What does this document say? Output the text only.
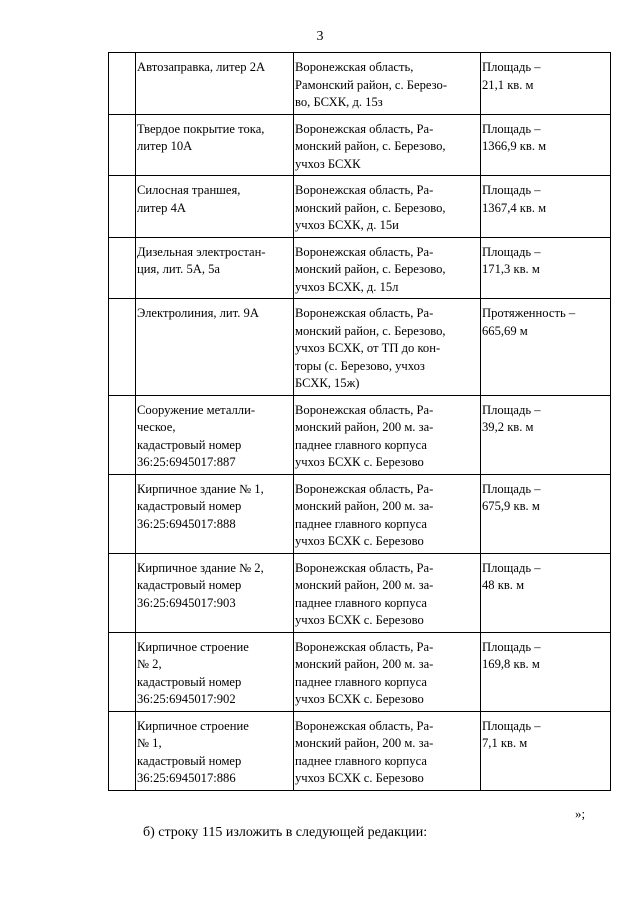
3
	Автозаправка, литер 2А	Воронежская область,
Рамонский район, с. Березо-
во, БСХК, д. 15з	Площадь –
21,1 кв. м
	Твердое покрытие тока,
литер 10А	Воронежская область, Ра-
монский район, с. Березово,
учхоз БСХК	Площадь –
1366,9 кв. м
	Силосная траншея,
литер 4А	Воронежская область, Ра-
монский район, с. Березово,
учхоз БСХК, д. 15и	Площадь –
1367,4 кв. м
	Дизельная электростан-
ция, лит. 5А, 5а	Воронежская область, Ра-
монский район, с. Березово,
учхоз БСХК, д. 15л	Площадь –
171,3 кв. м
	Электролиния, лит. 9А	Воронежская область, Ра-
монский район, с. Березово,
учхоз БСХК, от ТП до кон-
торы (с. Березово, учхоз
БСХК, 15ж)	Протяженность –
665,69 м
	Сооружение металли-
ческое,
кадастровый номер
36:25:6945017:887	Воронежская область, Ра-
монский район, 200 м. за-
паднее главного корпуса
учхоз БСХК с. Березово	Площадь –
39,2 кв. м
	Кирпичное здание № 1,
кадастровый номер
36:25:6945017:888	Воронежская область, Ра-
монский район, 200 м. за-
паднее главного корпуса
учхоз БСХК с. Березово	Площадь –
675,9 кв. м
	Кирпичное здание № 2,
кадастровый номер
36:25:6945017:903	Воронежская область, Ра-
монский район, 200 м. за-
паднее главного корпуса
учхоз БСХК с. Березово	Площадь –
48 кв. м
	Кирпичное строение
№ 2,
кадастровый номер
36:25:6945017:902	Воронежская область, Ра-
монский район, 200 м. за-
паднее главного корпуса
учхоз БСХК с. Березово	Площадь –
169,8 кв. м
	Кирпичное строение
№ 1,
кадастровый номер
36:25:6945017:886	Воронежская область, Ра-
монский район, 200 м. за-
паднее главного корпуса
учхоз БСХК с. Березово	Площадь –
7,1 кв. м
»;
б) строку 115 изложить в следующей редакции:
